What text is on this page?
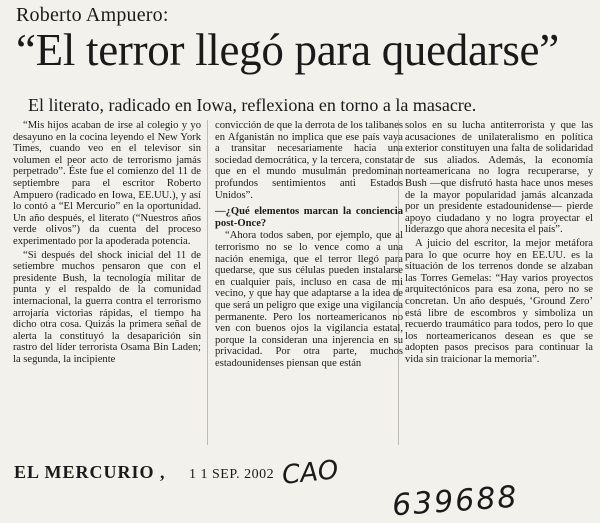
Roberto Ampuero:
“El terror llegó para quedarse”
El literato, radicado en Iowa, reflexiona en torno a la masacre.

“Mis hijos acaban de irse al colegio y yo desayuno en la cocina leyendo el New York Times, cuando veo en el televisor sin volumen el peor acto de terrorismo jamás perpetrado”. Éste fue el comienzo del 11 de septiembre para el escritor Roberto Ampuero (radicado en Iowa, EE.UU.), y así lo contó a “El Mercurio” en la oportunidad. Un año después, el literato (“Nuestros años verde olivos”) da cuenta del proceso experimentado por la apoderada potencia.

“Si después del shock inicial del 11 de setiembre muchos pensaron que con el presidente Bush, la tecnología militar de punta y el respaldo de la comunidad internacional, la guerra contra el terrorismo arrojaría victorias rápidas, el tiempo ha dicho otra cosa. Quizás la primera señal de alerta la constituyó la desaparición sin rastro del líder terrorista Osama Bin Laden; la segunda, la incipiente

convicción de que la derrota de los talibanes en Afganistán no implica que ese país vaya a transitar necesariamente hacia una sociedad democrática, y la tercera, constatar que en el mundo musulmán predominan profundos sentimientos anti Estados Unidos”.

—¿Qué elementos marcan la conciencia post-Once?

“Ahora todos saben, por ejemplo, que al terrorismo no se lo vence como a una nación enemiga, que el terror llegó para quedarse, que sus células pueden instalarse en cualquier país, incluso en casa de mi vecino, y que hay que adaptarse a la idea de que será un peligro que exige una vigilancia permanente. Pero los norteamericanos no ven con buenos ojos la vigilancia estatal, porque la consideran una injerencia en su privacidad. Por otra parte, muchos estadounidenses piensan que están

solos en su lucha antiterrorista y que las acusaciones de unilateralismo en política exterior constituyen una falta de solidaridad de sus aliados. Además, la economía norteamericana no logra recuperarse, y Bush —que disfrutó hasta hace unos meses de la mayor popularidad jamás alcanzada por un presidente estadounidense— pierde apoyo ciudadano y no logra proyectar el liderazgo que ahora necesita el país”.

A juicio del escritor, la mejor metáfora para lo que ocurre hoy en EE.UU. es la situación de los terrenos donde se alzaban las Torres Gemelas: “Hay varios proyectos arquitectónicos para esa zona, pero no se concretan. Un año después, ‘Ground Zero’ está libre de escombros y simboliza un recuerdo traumático para todos, pero lo que los norteamericanos desean es que se adopten pasos precisos para continuar la vida sin traicionar la memoria”.

EL MERCURIO , 1 1 SEP. 2002 CAO
639688
